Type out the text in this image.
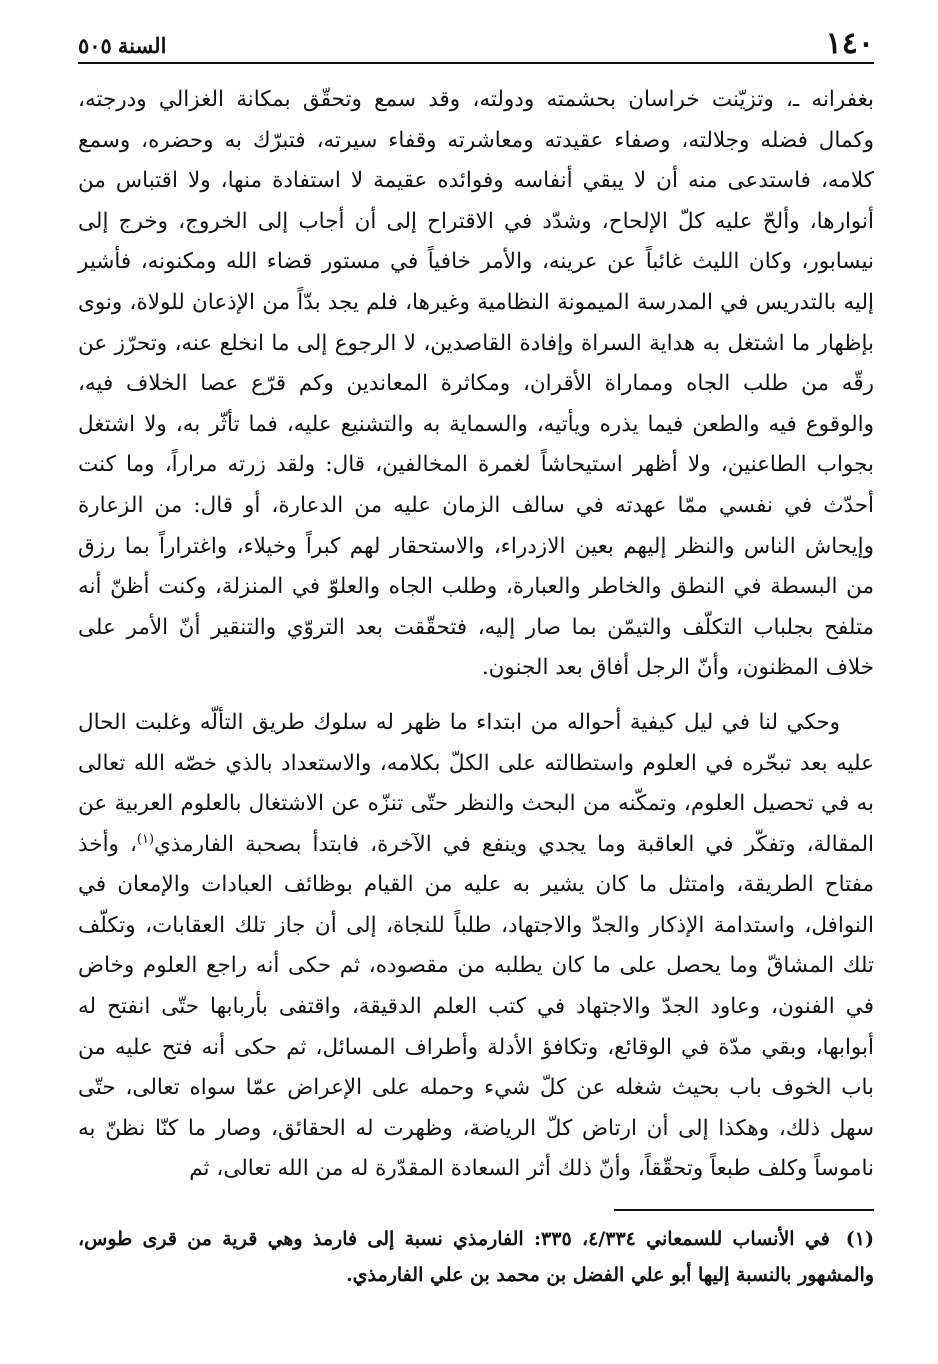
١٤٠
السنة٥٠٥

بغفرانه ـ، وتزيّنت خراسان بحشمته ودولته، وقد سمع وتحقّق بمكانة الغزالي ودرجته، وكمال فضله وجلالته، وصفاء عقيدته ومعاشرته وقفاء سيرته، فتبرّك به وحضره، وسمع كلامه، فاستدعى منه أن لا يبقي أنفاسه وفوائده عقيمة لا استفادة منها، ولا اقتباس من أنوارها، وألحّ عليه كلّ الإلحاح، وشدّد في الاقتراح إلى أن أجاب إلى الخروج، وخرج إلى نيسابور، وكان الليث غائباً عن عرينه، والأمر خافياً في مستور قضاء الله ومكنونه، فأشير إليه بالتدريس في المدرسة الميمونة النظامية وغيرها، فلم يجد بدّاً من الإذعان للولاة، ونوى بإظهار ما اشتغل به هداية السراة وإفادة القاصدين، لا الرجوع إلى ما انخلع عنه، وتحرّز عن رقّه من طلب الجاه ومماراة الأقران، ومكاثرة المعاندين وكم قرّع عصا الخلاف فيه، والوقوع فيه والطعن فيما يذره ويأتيه، والسماية به والتشنيع عليه، فما تأثّر به، ولا اشتغل بجواب الطاعنين، ولا أظهر استيحاشاً لغمرة المخالفين، قال: ولقد زرته مراراً، وما كنت أحدّث في نفسي ممّا عهدته في سالف الزمان عليه من الدعارة، أو قال: من الزعارة وإيحاش الناس والنظر إليهم بعين الازدراء، والاستحقار لهم كبراً وخيلاء، واغتراراً بما رزق من البسطة في النطق والخاطر والعبارة، وطلب الجاه والعلوّ في المنزلة، وكنت أظنّ أنه متلفح بجلباب التكلّف والتيمّن بما صار إليه، فتحقّقت بعد التروّي والتنقير أنّ الأمر على خلاف المظنون، وأنّ الرجل أفاق بعد الجنون.

وحكي لنا في ليل كيفية أحواله من ابتداء ما ظهر له سلوك طريق التألّه وغلبت الحال عليه بعد تبحّره في العلوم واستطالته على الكلّ بكلامه، والاستعداد بالذي خصّه الله تعالى به في تحصيل العلوم، وتمكّنه من البحث والنظر حتّى تنزّه عن الاشتغال بالعلوم العربية عن المقالة، وتفكّر في العاقبة وما يجدي وينفع في الآخرة، فابتدأ بصحبة الفارمذي$^{(١)}$، وأخذ مفتاح الطريقة، وامتثل ما كان يشير به عليه من القيام بوظائف العبادات والإمعان في النوافل، واستدامة الإذكار والجدّ والاجتهاد، طلباً للنجاة، إلى أن جاز تلك العقابات، وتكلّف تلك المشاقّ وما يحصل على ما كان يطلبه من مقصوده، ثم حكى أنه راجع العلوم وخاض في الفنون، وعاود الجدّ والاجتهاد في كتب العلم الدقيقة، واقتفى بأربابها حتّى انفتح له أبوابها، وبقي مدّة في الوقائع، وتكافؤ الأدلة وأطراف المسائل، ثم حكى أنه فتح عليه من باب الخوف باب بحيث شغله عن كلّ شيء وحمله على الإعراض عمّا سواه تعالى، حتّى سهل ذلك، وهكذا إلى أن ارتاض كلّ الرياضة، وظهرت له الحقائق، وصار ما كنّا نظنّ به ناموساً وكلف طبعاً وتحقّقاً، وأنّ ذلك أثر السعادة المقدّرة له من الله تعالى، ثم

(١)في الأنساب للسمعاني ٤/٣٣٤، ٣٣٥: الفارمذي نسبة إلى فارمذ وهي قرية من قرى طوس، والمشهور بالنسبة إليها أبو علي الفضل بن محمد بن علي الفارمذي.
